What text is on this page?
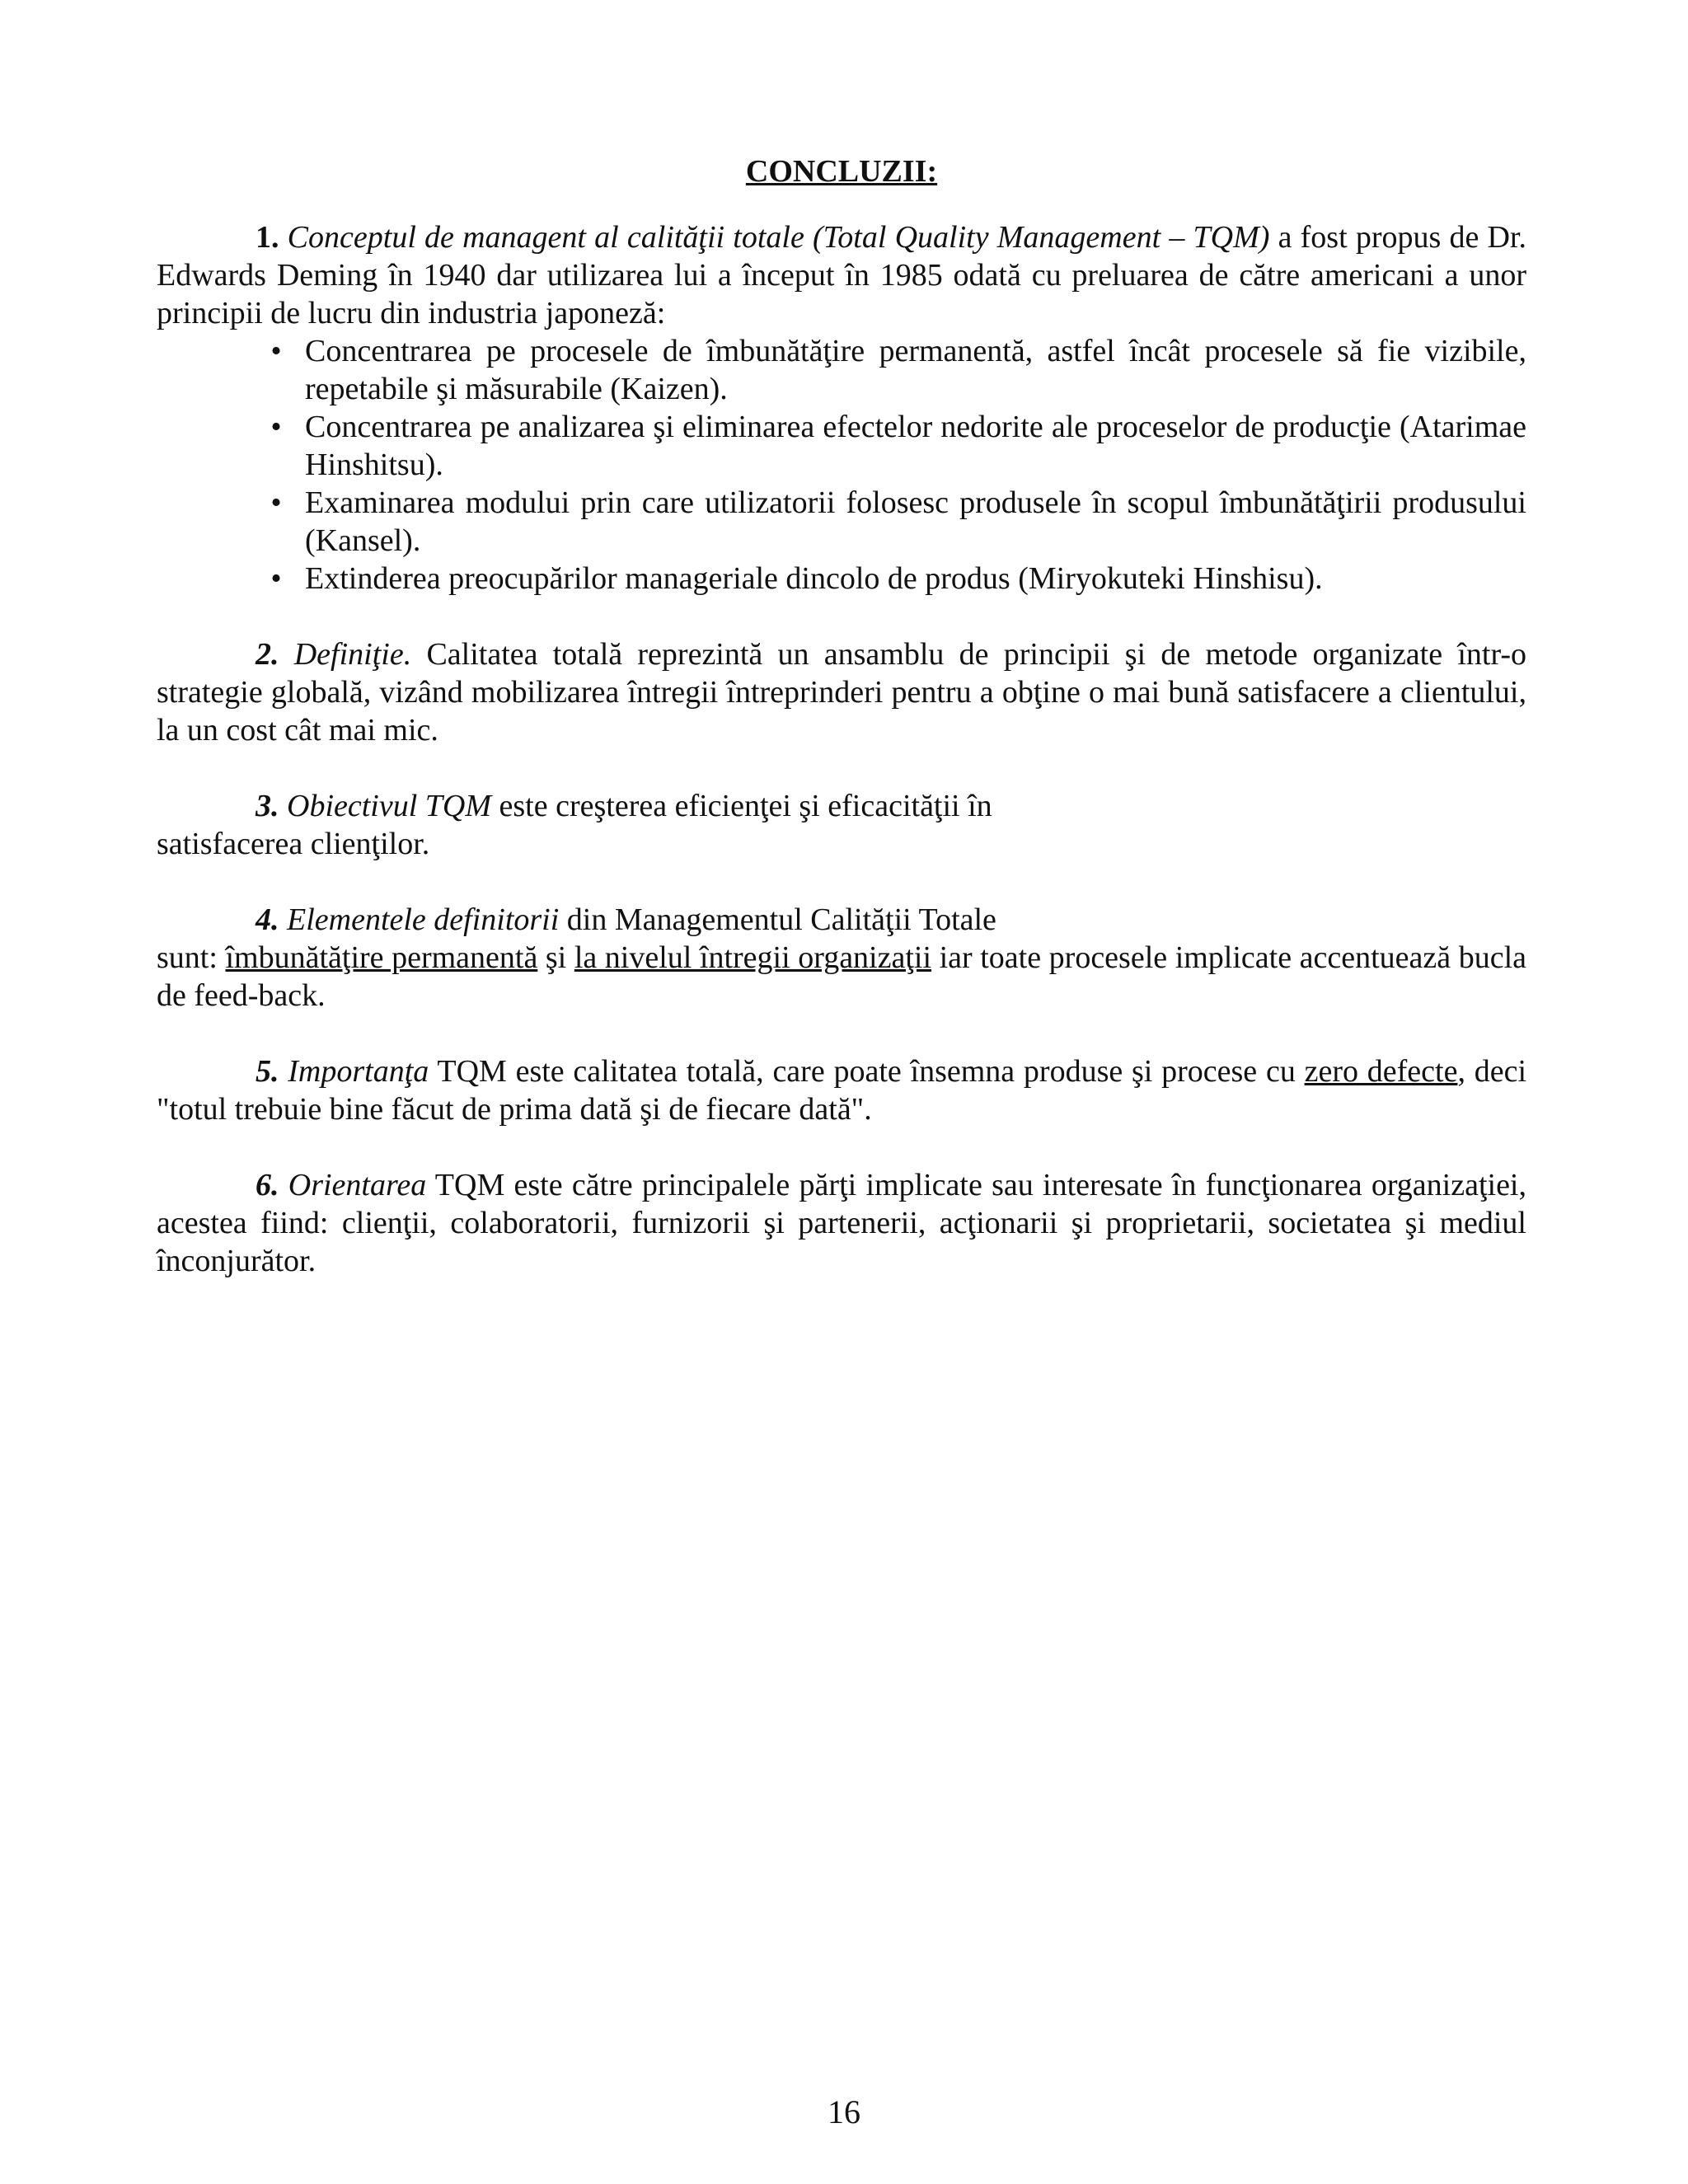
CONCLUZII:

1. Conceptul de managent al calităţii totale (Total Quality Management – TQM) a fost propus de Dr. Edwards Deming în 1940 dar utilizarea lui a început în 1985 odată cu preluarea de către americani a unor principii de lucru din industria japoneză:

• Concentrarea pe procesele de îmbunătăţire permanentă, astfel încât procesele să fie vizibile, repetabile şi măsurabile (Kaizen).
• Concentrarea pe analizarea şi eliminarea efectelor nedorite ale proceselor de producţie (Atarimae Hinshitsu).
• Examinarea modului prin care utilizatorii folosesc produsele în scopul îmbunătăţirii produsului (Kansel).
• Extinderea preocupărilor manageriale dincolo de produs (Miryokuteki Hinshisu).

2. Definiţie. Calitatea totală reprezintă un ansamblu de principii şi de metode organizate într-o strategie globală, vizând mobilizarea întregii întreprinderi pentru a obţine o mai bună satisfacere a clientului, la un cost cât mai mic.

3. Obiectivul TQM este creşterea eficienţei şi eficacităţii în

satisfacerea clienţilor.

4. Elementele definitorii din Managementul Calităţii Totale

sunt: îmbunătăţire permanentă şi la nivelul întregii organizaţii iar toate procesele implicate accentuează bucla de feed-back.

5. Importanţa TQM este calitatea totală, care poate însemna produse şi procese cu zero defecte, deci "totul trebuie bine făcut de prima dată şi de fiecare dată".

6. Orientarea TQM este către principalele părţi implicate sau interesate în funcţionarea organizaţiei, acestea fiind: clienţii, colaboratorii, furnizorii şi partenerii, acţionarii şi proprietarii, societatea şi mediul înconjurător.

16
